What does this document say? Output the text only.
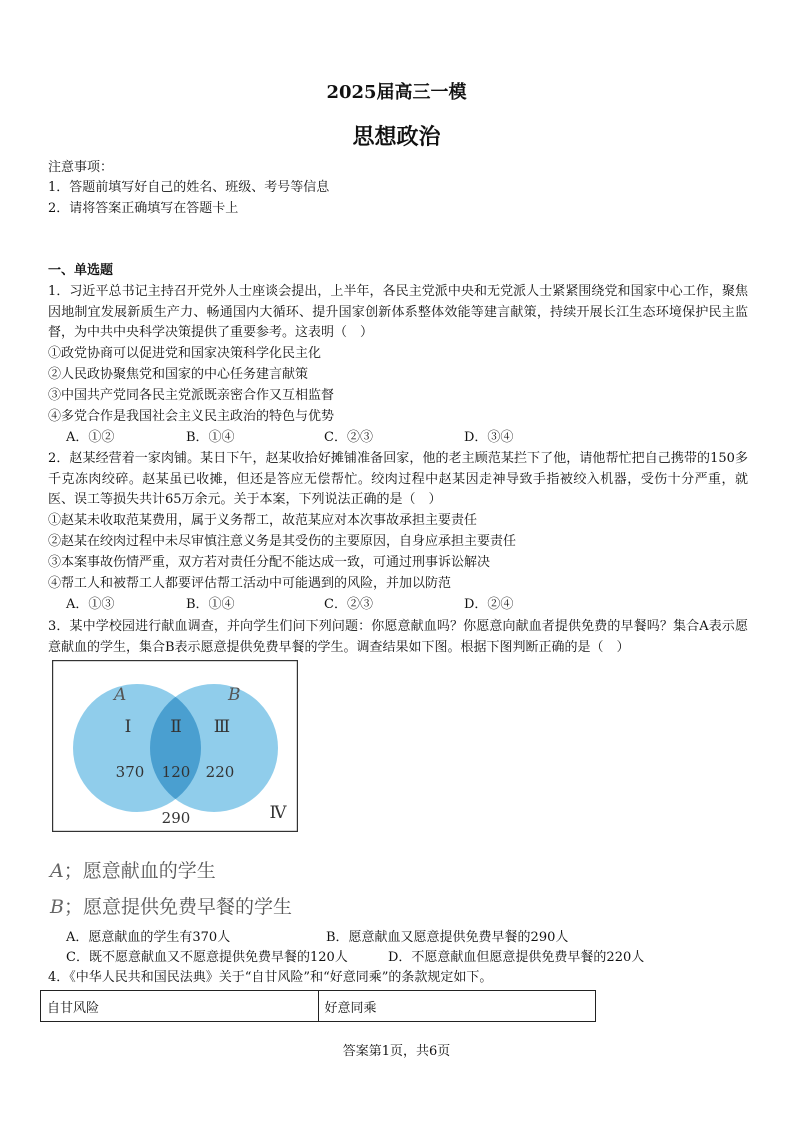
2025届高三一模
思想政治
注意事项：
1．答题前填写好自己的姓名、班级、考号等信息
2．请将答案正确填写在答题卡上
一、单选题
1．习近平总书记主持召开党外人士座谈会提出，上半年，各民主党派中央和无党派人士紧紧围绕党和国家中心工作，聚焦因地制宜发展新质生产力、畅通国内大循环、提升国家创新体系整体效能等建言献策，持续开展长江生态环境保护民主监督，为中共中央科学决策提供了重要参考。这表明（　）
①政党协商可以促进党和国家决策科学化民主化
②人民政协聚焦党和国家的中心任务建言献策
③中国共产党同各民主党派既亲密合作又互相监督
④多党合作是我国社会主义民主政治的特色与优势
A．①②	B．①④	C．②③	D．③④
2．赵某经营着一家肉铺。某日下午，赵某收拾好摊铺准备回家，他的老主顾范某拦下了他，请他帮忙把自己携带的150多千克冻肉绞碎。赵某虽已收摊，但还是答应无偿帮忙。绞肉过程中赵某因走神导致手指被绞入机器，受伤十分严重，就医、误工等损失共计65万余元。关于本案，下列说法正确的是（　）
①赵某未收取范某费用，属于义务帮工，故范某应对本次事故承担主要责任
②赵某在绞肉过程中未尽审慎注意义务是其受伤的主要原因，自身应承担主要责任
③本案事故伤情严重，双方若对责任分配不能达成一致，可通过刑事诉讼解决
④帮工人和被帮工人都要评估帮工活动中可能遇到的风险，并加以防范
A．①③	B．①④	C．②③	D．②④
3．某中学校园进行献血调查，并向学生们问下列问题：你愿意献血吗？你愿意向献血者提供免费的早餐吗？集合A表示愿意献血的学生，集合B表示愿意提供免费早餐的学生。调查结果如下图。根据下图判断正确的是（　）
A	B
Ⅰ Ⅱ Ⅲ
370 120 220
290	Ⅳ
A；愿意献血的学生
B；愿意提供免费早餐的学生
A．愿意献血的学生有370人	B．愿意献血又愿意提供免费早餐的290人
C．既不愿意献血又不愿意提供免费早餐的120人	D．不愿意献血但愿意提供免费早餐的220人
4．《中华人民共和国民法典》关于“自甘风险”和“好意同乘”的条款规定如下。
自甘风险	好意同乘
答案第1页，共6页
